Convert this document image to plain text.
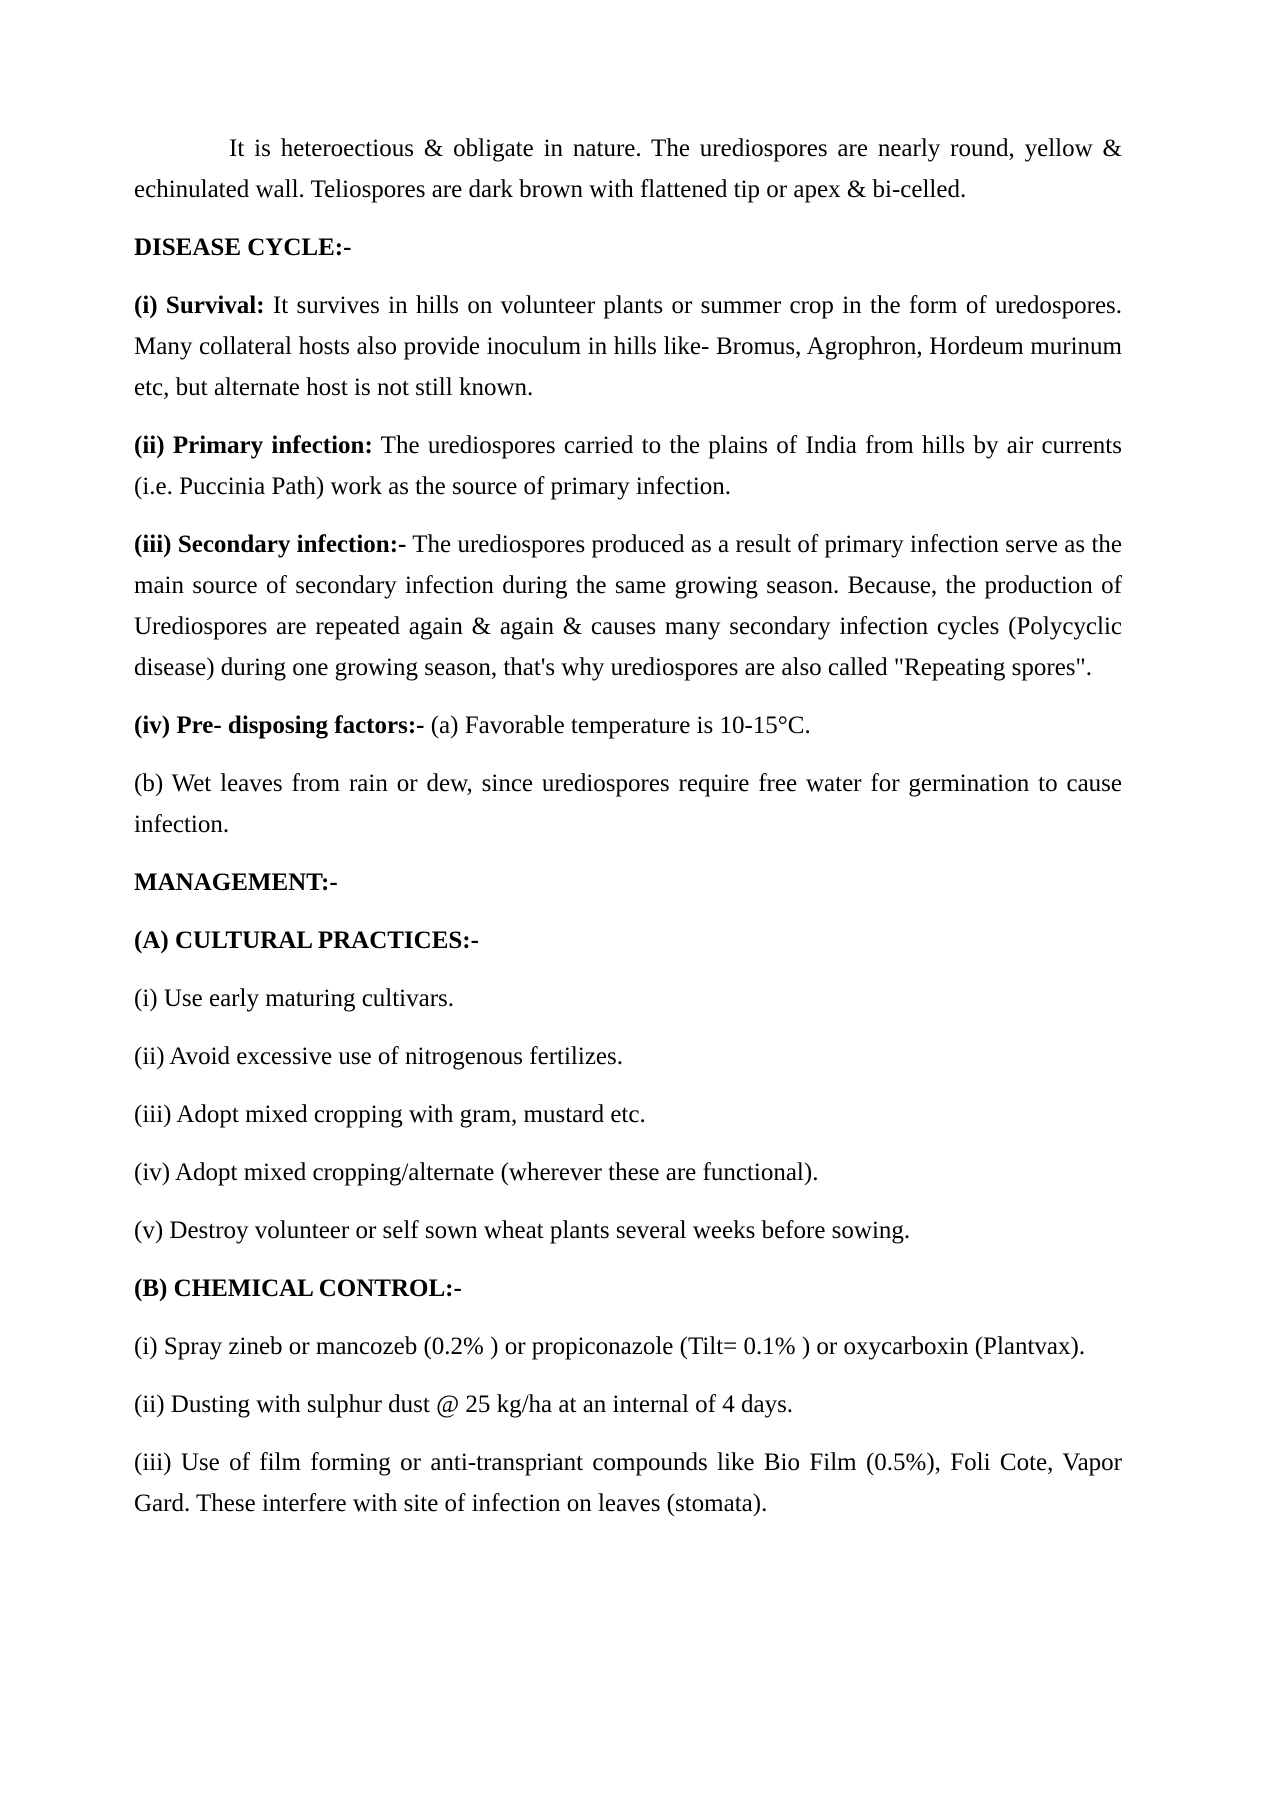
It is heteroectious & obligate in nature. The urediospores are nearly round, yellow & echinulated wall. Teliospores are dark brown with flattened tip or apex & bi-celled.

DISEASE CYCLE:-

(i) Survival: It survives in hills on volunteer plants or summer crop in the form of uredospores. Many collateral hosts also provide inoculum in hills like- Bromus, Agrophron, Hordeum murinum etc, but alternate host is not still known.

(ii) Primary infection: The urediospores carried to the plains of India from hills by air currents (i.e. Puccinia Path) work as the source of primary infection.

(iii) Secondary infection:- The urediospores produced as a result of primary infection serve as the main source of secondary infection during the same growing season. Because, the production of Urediospores are repeated again & again & causes many secondary infection cycles (Polycyclic disease) during one growing season, that's why urediospores are also called "Repeating spores".

(iv) Pre- disposing factors:- (a) Favorable temperature is 10-15°C.

(b) Wet leaves from rain or dew, since urediospores require free water for germination to cause infection.

MANAGEMENT:-

(A) CULTURAL PRACTICES:-

(i) Use early maturing cultivars.

(ii) Avoid excessive use of nitrogenous fertilizes.

(iii) Adopt mixed cropping with gram, mustard etc.

(iv) Adopt mixed cropping/alternate (wherever these are functional).

(v) Destroy volunteer or self sown wheat plants several weeks before sowing.

(B) CHEMICAL CONTROL:-

(i) Spray zineb or mancozeb (0.2% ) or propiconazole (Tilt= 0.1% ) or oxycarboxin (Plantvax).

(ii) Dusting with sulphur dust @ 25 kg/ha at an internal of 4 days.

(iii) Use of film forming or anti-transpriant compounds like Bio Film (0.5%), Foli Cote, Vapor Gard. These interfere with site of infection on leaves (stomata).
